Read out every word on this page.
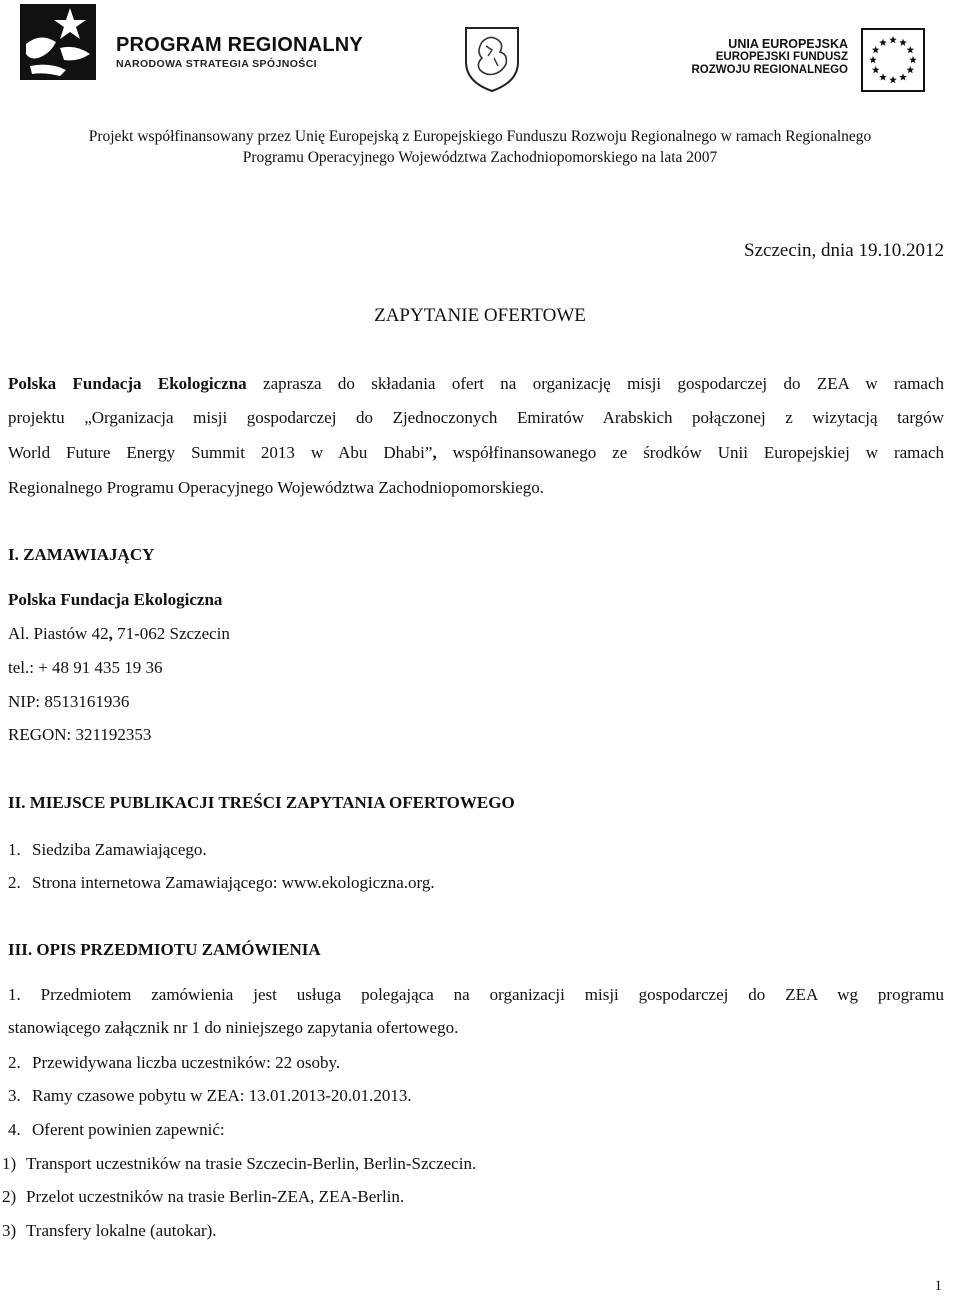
PROGRAM REGIONALNY
NARODOWA STRATEGIA SPÓJNOŚCI
UNIA EUROPEJSKA
EUROPEJSKI FUNDUSZ
ROZWOJU REGIONALNEGO
Projekt współfinansowany przez Unię Europejską z Europejskiego Funduszu Rozwoju Regionalnego w ramach Regionalnego
Programu Operacyjnego Województwa Zachodniopomorskiego na lata 2007
Szczecin, dnia 19.10.2012
ZAPYTANIE OFERTOWE
Polska Fundacja Ekologiczna zaprasza do składania ofert na organizację misji gospodarczej do ZEA w ramach
projektu „Organizacja misji gospodarczej do Zjednoczonych Emiratów Arabskich połączonej z wizytacją targów
World Future Energy Summit 2013 w Abu Dhabi”, współfinansowanego ze środków Unii Europejskiej w ramach
Regionalnego Programu Operacyjnego Województwa Zachodniopomorskiego.
I. ZAMAWIAJĄCY
Polska Fundacja Ekologiczna
Al. Piastów 42, 71-062 Szczecin
tel.: + 48 91 435 19 36
NIP: 8513161936
REGON: 321192353
II. MIEJSCE PUBLIKACJI TREŚCI ZAPYTANIA OFERTOWEGO
1. Siedziba Zamawiającego.
2. Strona internetowa Zamawiającego: www.ekologiczna.org.
III. OPIS PRZEDMIOTU ZAMÓWIENIA
1. Przedmiotem zamówienia jest usługa polegająca na organizacji misji gospodarczej do ZEA wg programu
stanowiącego załącznik nr 1 do niniejszego zapytania ofertowego.
2. Przewidywana liczba uczestników: 22 osoby.
3. Ramy czasowe pobytu w ZEA: 13.01.2013-20.01.2013.
4. Oferent powinien zapewnić:
1) Transport uczestników na trasie Szczecin-Berlin, Berlin-Szczecin.
2) Przelot uczestników na trasie Berlin-ZEA, ZEA-Berlin.
3) Transfery lokalne (autokar).
1
